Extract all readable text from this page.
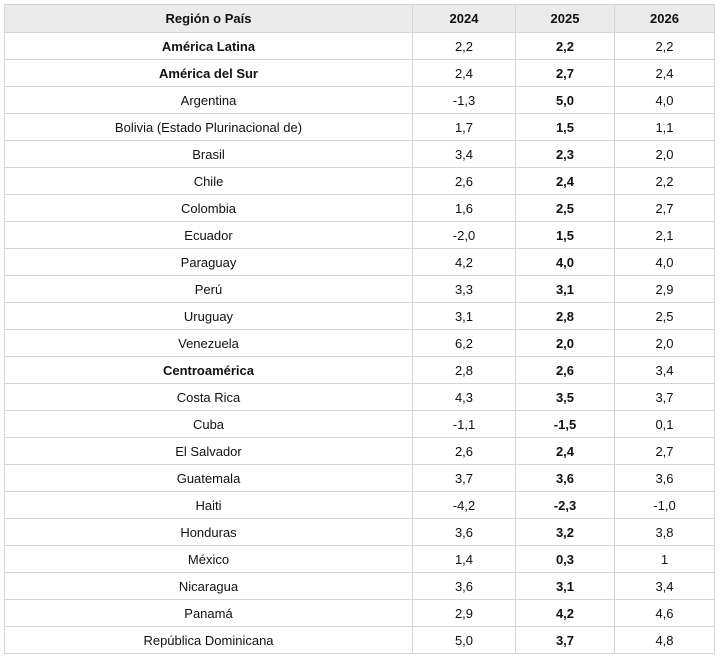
Región o País	2024	2025	2026
América Latina	2,2	2,2	2,2
América del Sur	2,4	2,7	2,4
Argentina	-1,3	5,0	4,0
Bolivia (Estado Plurinacional de)	1,7	1,5	1,1
Brasil	3,4	2,3	2,0
Chile	2,6	2,4	2,2
Colombia	1,6	2,5	2,7
Ecuador	-2,0	1,5	2,1
Paraguay	4,2	4,0	4,0
Perú	3,3	3,1	2,9
Uruguay	3,1	2,8	2,5
Venezuela	6,2	2,0	2,0
Centroamérica	2,8	2,6	3,4
Costa Rica	4,3	3,5	3,7
Cuba	-1,1	-1,5	0,1
El Salvador	2,6	2,4	2,7
Guatemala	3,7	3,6	3,6
Haiti	-4,2	-2,3	-1,0
Honduras	3,6	3,2	3,8
México	1,4	0,3	1
Nicaragua	3,6	3,1	3,4
Panamá	2,9	4,2	4,6
República Dominicana	5,0	3,7	4,8
